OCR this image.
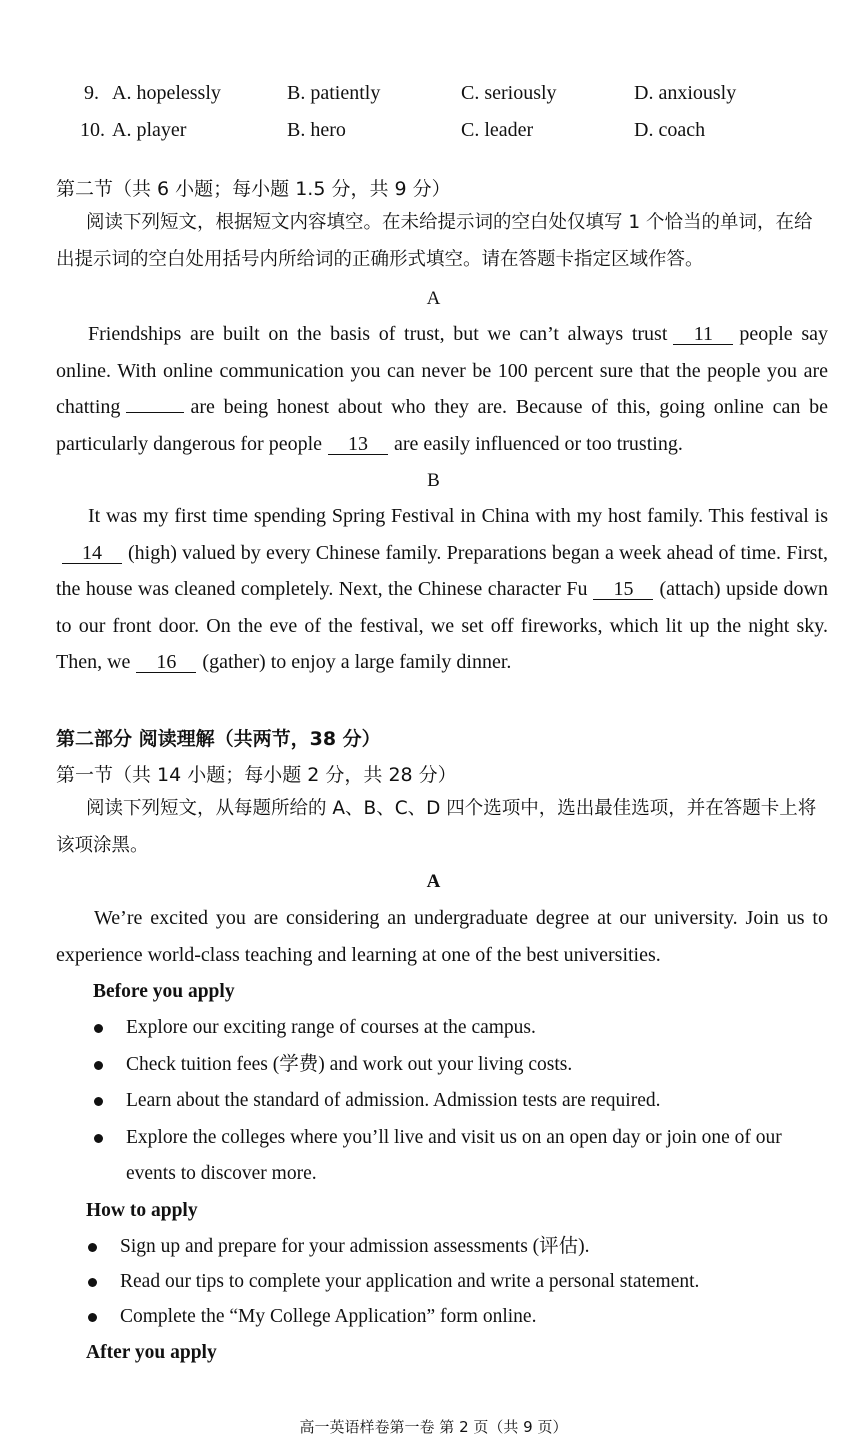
9. A. hopelessly	B. patiently	C. seriously	D. anxiously
10. A. player	B. hero	C. leader	D. coach
第二节（共 6 小题；每小题 1.5 分，共 9 分）
阅读下列短文，根据短文内容填空。在未给提示词的空白处仅填写 1 个恰当的单词，在给出提示词的空白处用括号内所给词的正确形式填空。请在答题卡指定区域作答。
A
Friendships are built on the basis of trust, but we can’t always trust 11 people say online. With online communication you can never be 100 percent sure that the people you are chatting	are being honest about who they are. Because of this, going online can be particularly dangerous for people 13 are easily influenced or too trusting.
B
It was my first time spending Spring Festival in China with my host family. This festival is14 (high) valued by every Chinese family. Preparations began a week ahead of time. First, the house was cleaned completely. Next, the Chinese character Fu 15 (attach) upside down to our front door. On the eve of the festival, we set off fireworks, which lit up the night sky. Then, we 16 (gather) to enjoy a large family dinner.
第二部分 阅读理解（共两节，38 分）
第一节（共 14 小题；每小题 2 分，共 28 分）
阅读下列短文，从每题所给的 A、B、C、D 四个选项中，选出最佳选项，并在答题卡上将该项涂黑。
A
We’re excited you are considering an undergraduate degree at our university. Join us to experience world-class teaching and learning at one of the best universities.
Before you apply
Explore our exciting range of courses at the campus.
Check tuition fees (学费) and work out your living costs.
Learn about the standard of admission. Admission tests are required.
Explore the colleges where you’ll live and visit us on an open day or join one of our events to discover more.
How to apply
Sign up and prepare for your admission assessments (评估).
Read our tips to complete your application and write a personal statement.
Complete the “My College Application” form online.
After you apply
高一英语样卷第一卷 第 2 页（共 9 页）
